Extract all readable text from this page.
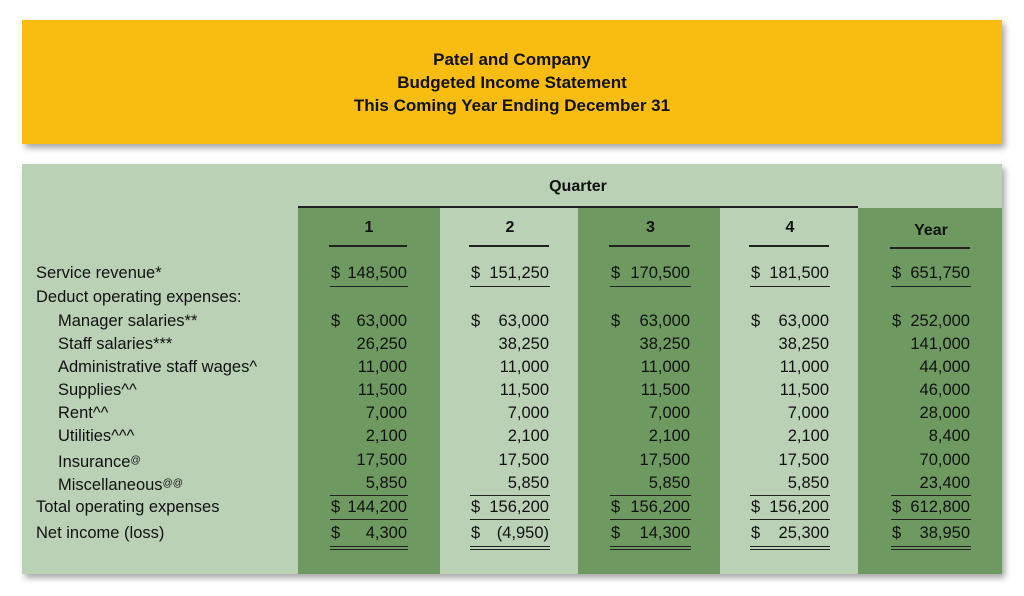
Patel and Company
Budgeted Income Statement
This Coming Year Ending December 31
Quarter
1	2	3	4	Year
Service revenue*	$ 148,500	$ 151,250	$ 170,500	$ 181,500	$ 651,750
Deduct operating expenses:
Manager salaries**	$ 63,000	$ 63,000	$ 63,000	$ 63,000	$ 252,000
Staff salaries***	26,250	38,250	38,250	38,250	141,000
Administrative staff wages^	11,000	11,000	11,000	11,000	44,000
Supplies^^	11,500	11,500	11,500	11,500	46,000
Rent^^	7,000	7,000	7,000	7,000	28,000
Utilities^^^	2,100	2,100	2,100	2,100	8,400
Insurance@	17,500	17,500	17,500	17,500	70,000
Miscellaneous@@	5,850	5,850	5,850	5,850	23,400
Total operating expenses	$ 144,200	$ 156,200	$ 156,200	$ 156,200	$ 612,800
Net income (loss)	$ 4,300	$ (4,950)	$ 14,300	$ 25,300	$ 38,950
